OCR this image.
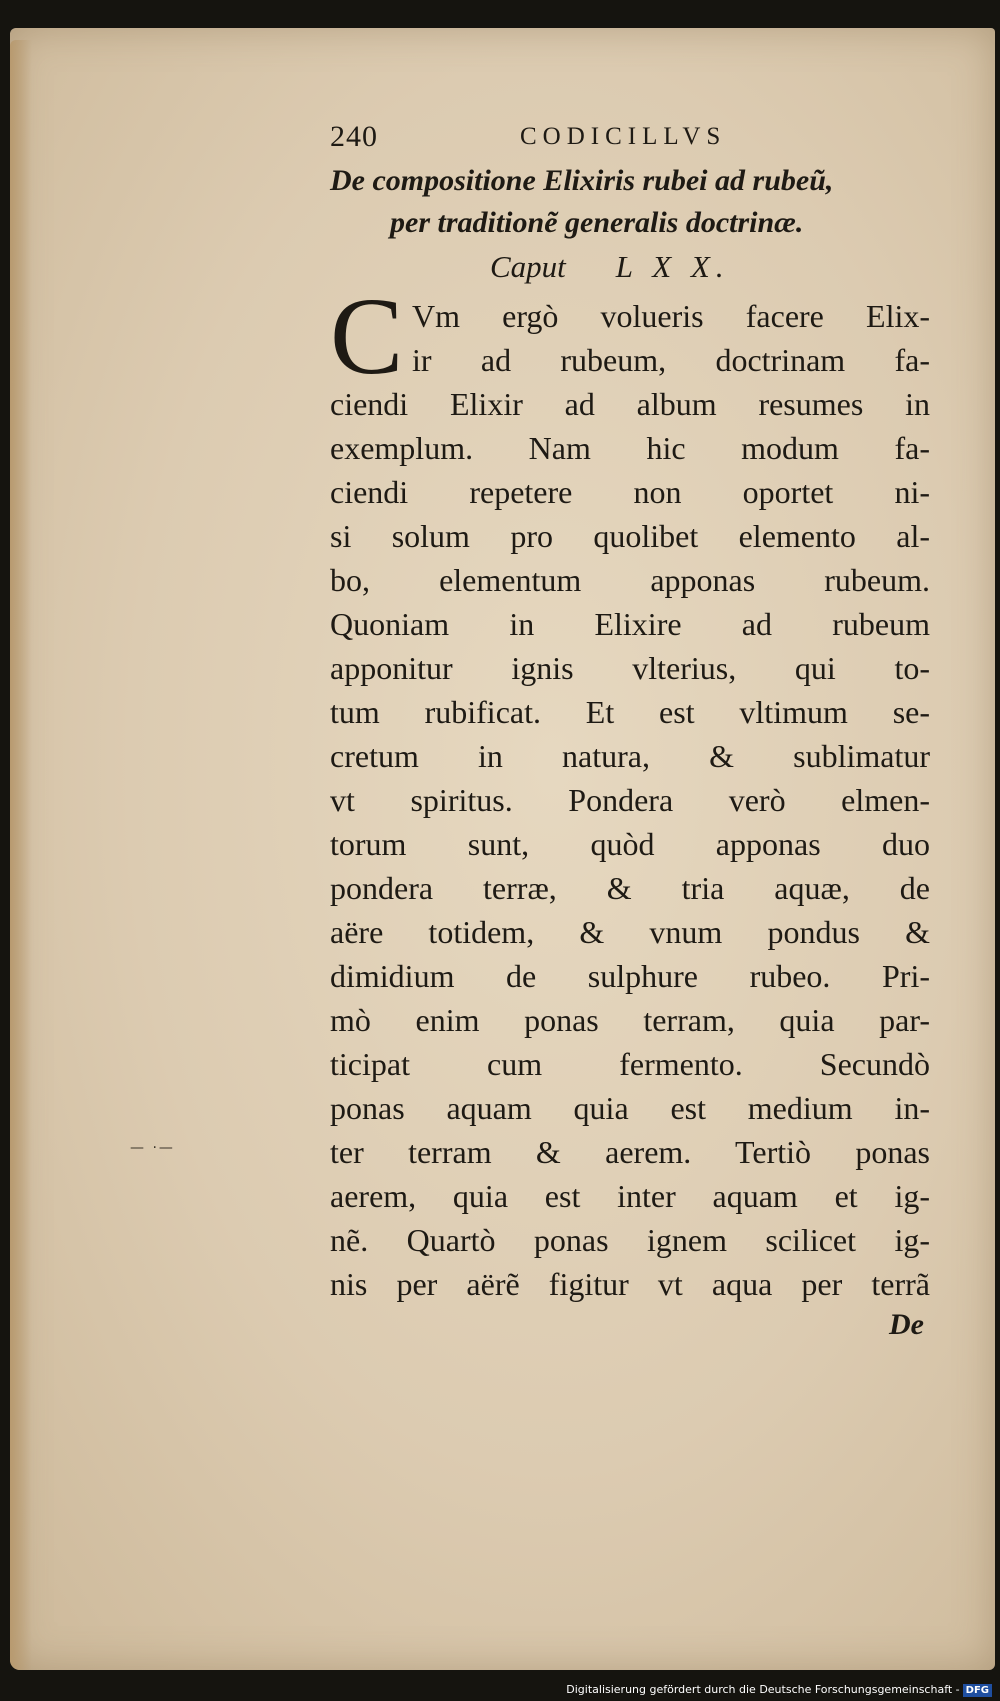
— ·—
240	CODICILLVS
De compositione Elixiris rubei ad rubeũ,
per traditionẽ generalis doctrinæ.
Caput L X X.
C Vm ergò volueris facere Elix-
ir ad rubeum, doctrinam fa-
ciendi Elixir ad album resumes in
exemplum. Nam hic modum fa-
ciendi repetere non oportet ni-
si solum pro quolibet elemento al-
bo, elementum apponas rubeum.
Quoniam in Elixire ad rubeum
apponitur ignis vlterius, qui to-
tum rubificat. Et est vltimum se-
cretum in natura, & sublimatur
vt spiritus. Pondera verò elmen-
torum sunt, quòd apponas duo
pondera terræ, & tria aquæ, de
aëre totidem, & vnum pondus &
dimidium de sulphure rubeo. Pri-
mò enim ponas terram, quia par-
ticipat cum fermento. Secundò
ponas aquam quia est medium in-
ter terram & aerem. Tertiò ponas
aerem, quia est inter aquam et ig-
nẽ. Quartò ponas ignem scilicet ig-
nis per aërẽ figitur vt aqua per terrã
De
Digitalisierung gefördert durch die Deutsche Forschungsgemeinschaft - DFG
